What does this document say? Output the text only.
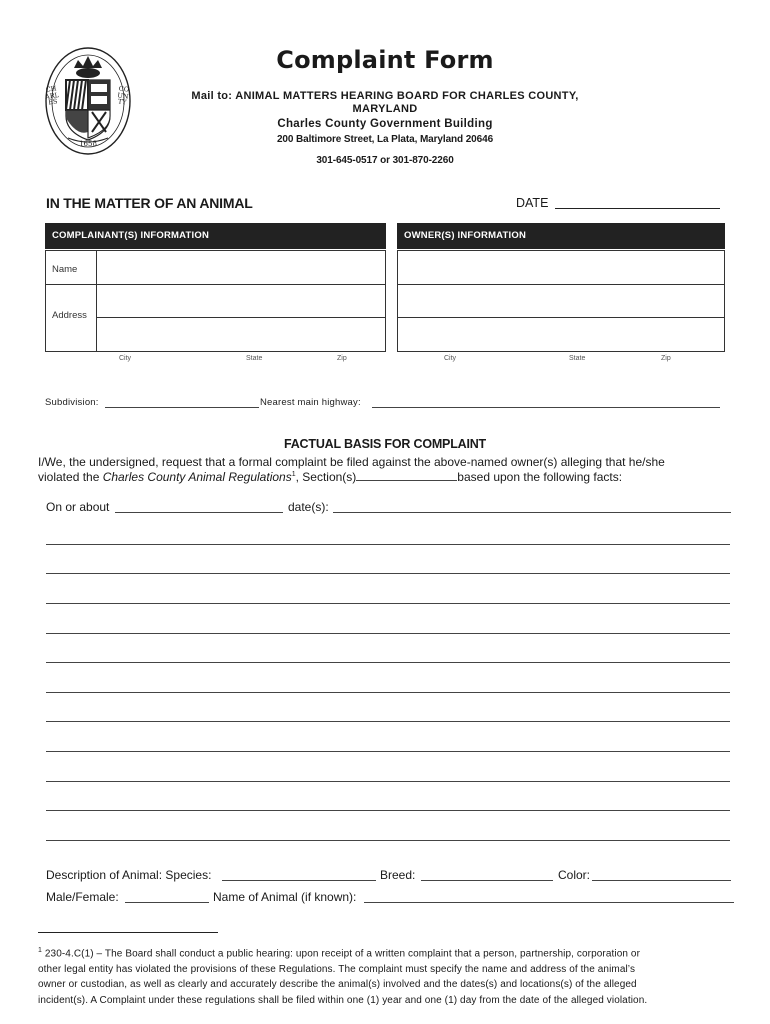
CHARLES
COUNTY
1658
Complaint Form
Mail to: ANIMAL MATTERS HEARING BOARD FOR CHARLES COUNTY,
MARYLAND
Charles County Government Building
200 Baltimore Street, La Plata, Maryland 20646
301-645-0517 or 301-870-2260
IN THE MATTER OF AN ANIMAL	DATE
COMPLAINANT(S) INFORMATION
Name
Address
City	State	Zip
OWNER(S) INFORMATION
City	State	Zip
Subdivision:	Nearest main highway:
FACTUAL BASIS FOR COMPLAINT
I/We, the undersigned, request that a formal complaint be filed against the above-named owner(s) alleging that he/she
violated the Charles County Animal Regulations$^1$, Section(s)	based upon the following facts:
On or about	date(s):
Description of Animal: Species:	Breed:	Color:
Male/Female:	Name of Animal (if known):
$^1$ 230-4.C(1) – The Board shall conduct a public hearing: upon receipt of a written complaint that a person, partnership, corporation or
other legal entity has violated the provisions of these Regulations. The complaint must specify the name and address of the animal’s
owner or custodian, as well as clearly and accurately describe the animal(s) involved and the dates(s) and locations(s) of the alleged
incident(s). A Complaint under these regulations shall be filed within one (1) year and one (1) day from the date of the alleged violation.
